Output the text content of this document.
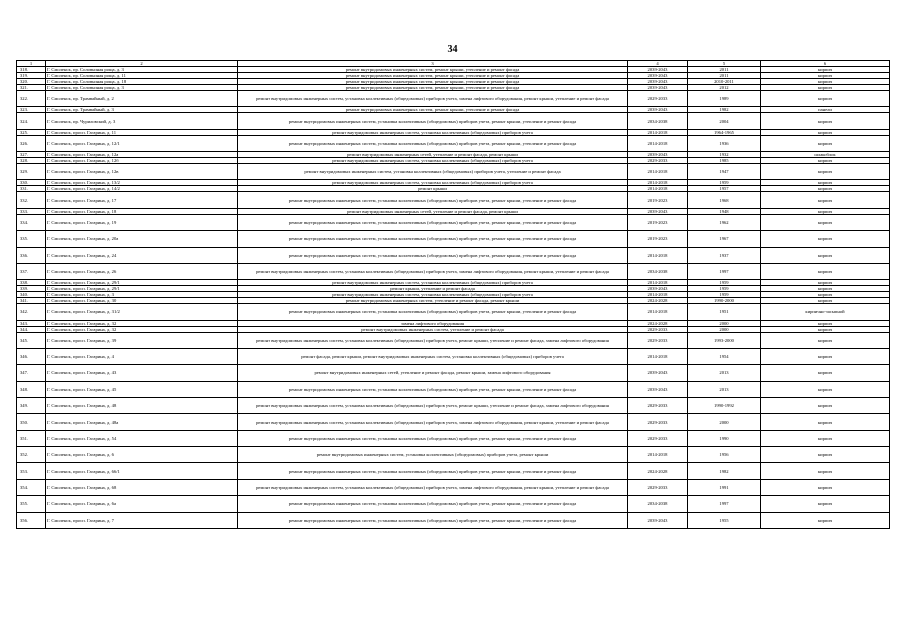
34
1	2	3	4	5	6
318.	Г. Смоленск, пр. Соловьиная роща, д. 3	ремонт внутридомовых инженерных систем, ремонт крыши, утепление и ремонт фасада	2039-2043	2011	кирпич
319.	Г. Смоленск, пр. Соловьиная роща, д. 11	ремонт внутридомовых инженерных систем, ремонт крыши, утепление и ремонт фасада	2039-2043	2011	кирпич
320.	Г. Смоленск, пр. Соловьиная роща, д. 18	ремонт внутридомовых инженерных систем, ремонт крыши, утепление и ремонт фасада	2039-2043	2010-2011	кирпич
321.	Г. Смоленск, пр. Соловьиная роща, д. 3	ремонт внутридомовых инженерных систем, ремонт крыши, утепление и ремонт фасада	2039-2043	2012	кирпич
322.	Г. Смоленск, пр. Трамвайный, д. 2	ремонт внутридомовых инженерных систем, установка коллективных (общедомовых) приборов учета, замена лифтового оборудования, ремонт крыши, утепление и ремонт фасада	2029-2033	1989	кирпич
323.	Г. Смоленск, пр. Трамвайный, д. 3	ремонт внутридомовых инженерных систем, ремонт крыши, утепление и ремонт фасада	2039-2043	1982	панели
324.	Г. Смоленск, пр. Чуриловский, д. 3	ремонт внутридомовых инженерных систем, установка коллективных (общедомовых) приборов учета, ремонт крыши, утепление и ремонт фасада	2034-2038	2004	кирпич
325.	Г. Смоленск, просп. Гагарина, д. 11	ремонт внутридомовых инженерных систем, установка коллективных (общедомовых) приборов учета	2014-2018	1964-1965	кирпич
326.	Г. Смоленск, просп. Гагарина, д. 12/1	ремонт внутридомовых инженерных систем, установка коллективных (общедомовых) приборов учета, ремонт крыши, утепление и ремонт фасада	2014-2018	1936	кирпич
327.	Г. Смоленск, просп. Гагарина, д. 12а	ремонт внутридомовых инженерных сетей, утепление и ремонт фасада, ремонт крыши	2039-2043	1932	шлакоблок
328.	Г. Смоленск, просп. Гагарина, д. 12б	ремонт внутридомовых инженерных систем, установка коллективных (общедомовых) приборов учета	2029-2033	1985	кирпич
329.	Г. Смоленск, просп. Гагарина, д. 12в	ремонт внутридомовых инженерных систем, установка коллективных (общедомовых) приборов учета, утепление и ремонт фасада	2014-2018	1947	кирпич
330.	Г. Смоленск, просп. Гагарина, д. 13/2	ремонт внутридомовых инженерных систем, установка коллективных (общедомовых) приборов учета	2014-2018	1959	кирпич
331.	Г. Смоленск, просп. Гагарина, д. 14/2	ремонт крыши	2014-2018	1957	кирпич
332.	Г. Смоленск, просп. Гагарина, д. 17	ремонт внутридомовых инженерных систем, установка коллективных (общедомовых) приборов учета, ремонт крыши, утепление и ремонт фасада	2019-2023	1968	кирпич
333.	Г. Смоленск, просп. Гагарина, д. 18	ремонт внутридомовых инженерных сетей, утепление и ремонт фасада, ремонт крыши	2039-2043	1948	кирпич
334.	Г. Смоленск, просп. Гагарина, д. 19	ремонт внутридомовых инженерных систем, установка коллективных (общедомовых) приборов учета, ремонт крыши, утепление и ремонт фасада	2019-2023	1962	кирпич
335.	Г. Смоленск, просп. Гагарина, д. 20а	ремонт внутридомовых инженерных систем, установка коллективных (общедомовых) приборов учета, ремонт крыши, утепление и ремонт фасада	2019-2023	1967	кирпич
336.	Г. Смоленск, просп. Гагарина, д. 24	ремонт внутридомовых инженерных систем, установка коллективных (общедомовых) приборов учета, ремонт крыши, утепление и ремонт фасада	2014-2018	1937	кирпич
337.	Г. Смоленск, просп. Гагарина, д. 26	ремонт внутридомовых инженерных систем, установка коллективных (общедомовых) приборов учета, замена лифтового оборудования, ремонт крыши, утепление и ремонт фасада	2034-2038	1997	кирпич
338.	Г. Смоленск, просп. Гагарина, д. 29/1	ремонт внутридомовых инженерных систем, установка коллективных (общедомовых) приборов учета	2014-2018	1959	кирпич
339.	Г. Смоленск, просп. Гагарина, д. 29/1	ремонт крыши, утепление и ремонт фасада	2039-2043	1959	кирпич
340.	Г. Смоленск, просп. Гагарина, д. 3	ремонт внутридомовых инженерных систем, установка коллективных (общедомовых) приборов учета	2014-2018	1959	кирпич
341.	Г. Смоленск, просп. Гагарина, д. 30	ремонт внутридомовых инженерных систем, утепление и ремонт фасада, ремонт крыши	2024-2028	1990-2000	кирпич
342.	Г. Смоленск, просп. Гагарина, д. 31/2	ремонт внутридомовых инженерных систем, установка коллективных (общедомовых) приборов учета, ремонт крыши, утепление и ремонт фасада	2014-2018	1951	кирпично-засыпной
343.	Г. Смоленск, просп. Гагарина, д. 32	замена лифтового оборудования	2024-2028	2000	кирпич
344.	Г. Смоленск, просп. Гагарина, д. 32	ремонт внутридомовых инженерных систем, утепление и ремонт фасада	2029-2033	2000	кирпич
345.	Г. Смоленск, просп. Гагарина, д. 39	ремонт внутридомовых инженерных систем, установка коллективных (общедомовых) приборов учета, ремонт крыши, утепление и ремонт фасада, замена лифтового оборудования	2029-2033	1993-2000	кирпич
346.	Г. Смоленск, просп. Гагарина, д. 4	ремонт фасада, ремонт крыши, ремонт внутридомовых инженерных систем, установка коллективных (общедомовых) приборов учета	2014-2018	1954	кирпич
347.	Г. Смоленск, просп. Гагарина, д. 43	ремонт внутридомовых инженерных сетей, утепление и ремонт фасада, ремонт крыши, замена лифтового оборудования	2039-2043	2013	кирпич
348.	Г. Смоленск, просп. Гагарина, д. 45	ремонт внутридомовых инженерных систем, установка коллективных (общедомовых) приборов учета, ремонт крыши, утепление и ремонт фасада	2039-2043	2013	кирпич
349.	Г. Смоленск, просп. Гагарина, д. 48	ремонт внутридомовых инженерных систем, установка коллективных (общедомовых) приборов учета, ремонт крыши, утепление и ремонт фасада, замена лифтового оборудования	2029-2033	1990-1992	кирпич
350.	Г. Смоленск, просп. Гагарина, д. 48а	ремонт внутридомовых инженерных систем, установка коллективных (общедомовых) приборов учета, замена лифтового оборудования, ремонт крыши, утепление и ремонт фасада	2029-2033	2000	кирпич
351.	Г. Смоленск, просп. Гагарина, д. 54	ремонт внутридомовых инженерных систем, установка коллективных (общедомовых) приборов учета, ремонт крыши, утепление и ремонт фасада	2029-2033	1990	кирпич
352.	Г. Смоленск, просп. Гагарина, д. 6	ремонт внутридомовых инженерных систем, установка коллективных (общедомовых) приборов учета, ремонт крыши	2014-2018	1956	кирпич
353.	Г. Смоленск, просп. Гагарина, д. 66/1	ремонт внутридомовых инженерных систем, установка коллективных (общедомовых) приборов учета, ремонт крыши, утепление и ремонт фасада	2024-2028	1982	кирпич
354.	Г. Смоленск, просп. Гагарина, д. 68	ремонт внутридомовых инженерных систем, установка коллективных (общедомовых) приборов учета, замена лифтового оборудования, ремонт крыши, утепление и ремонт фасада	2029-2033	1991	кирпич
355.	Г. Смоленск, просп. Гагарина, д. 6а	ремонт внутридомовых инженерных систем, установка коллективных (общедомовых) приборов учета, ремонт крыши, утепление и ремонт фасада	2034-2038	1997	кирпич
356.	Г. Смоленск, просп. Гагарина, д. 7	ремонт внутридомовых инженерных систем, установка коллективных (общедомовых) приборов учета, ремонт крыши, утепление и ремонт фасада	2039-2043	1955	кирпич
